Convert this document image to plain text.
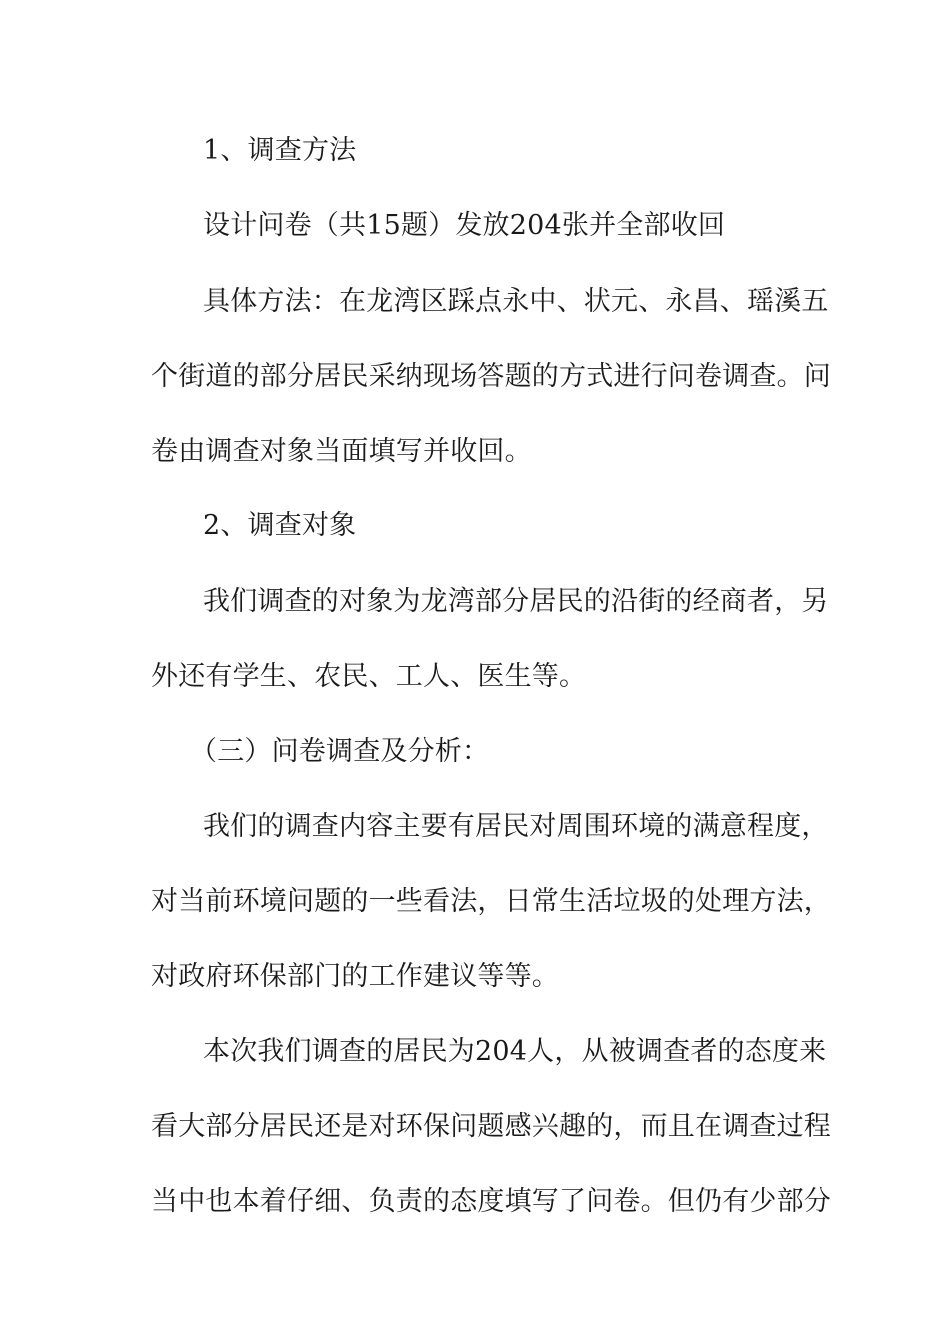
1、调查方法
设计问卷（共15题）发放204张并全部收回
具体方法：在龙湾区踩点永中、状元、永昌、瑶溪五
个街道的部分居民采纳现场答题的方式进行问卷调查。问
卷由调查对象当面填写并收回。
2、调查对象
我们调查的对象为龙湾部分居民的沿街的经商者，另
外还有学生、农民、工人、医生等。
（三）问卷调查及分析：
我们的调查内容主要有居民对周围环境的满意程度，
对当前环境问题的一些看法，日常生活垃圾的处理方法，
对政府环保部门的工作建议等等。
本次我们调查的居民为204人，从被调查者的态度来
看大部分居民还是对环保问题感兴趣的，而且在调查过程
当中也本着仔细、负责的态度填写了问卷。但仍有少部分
